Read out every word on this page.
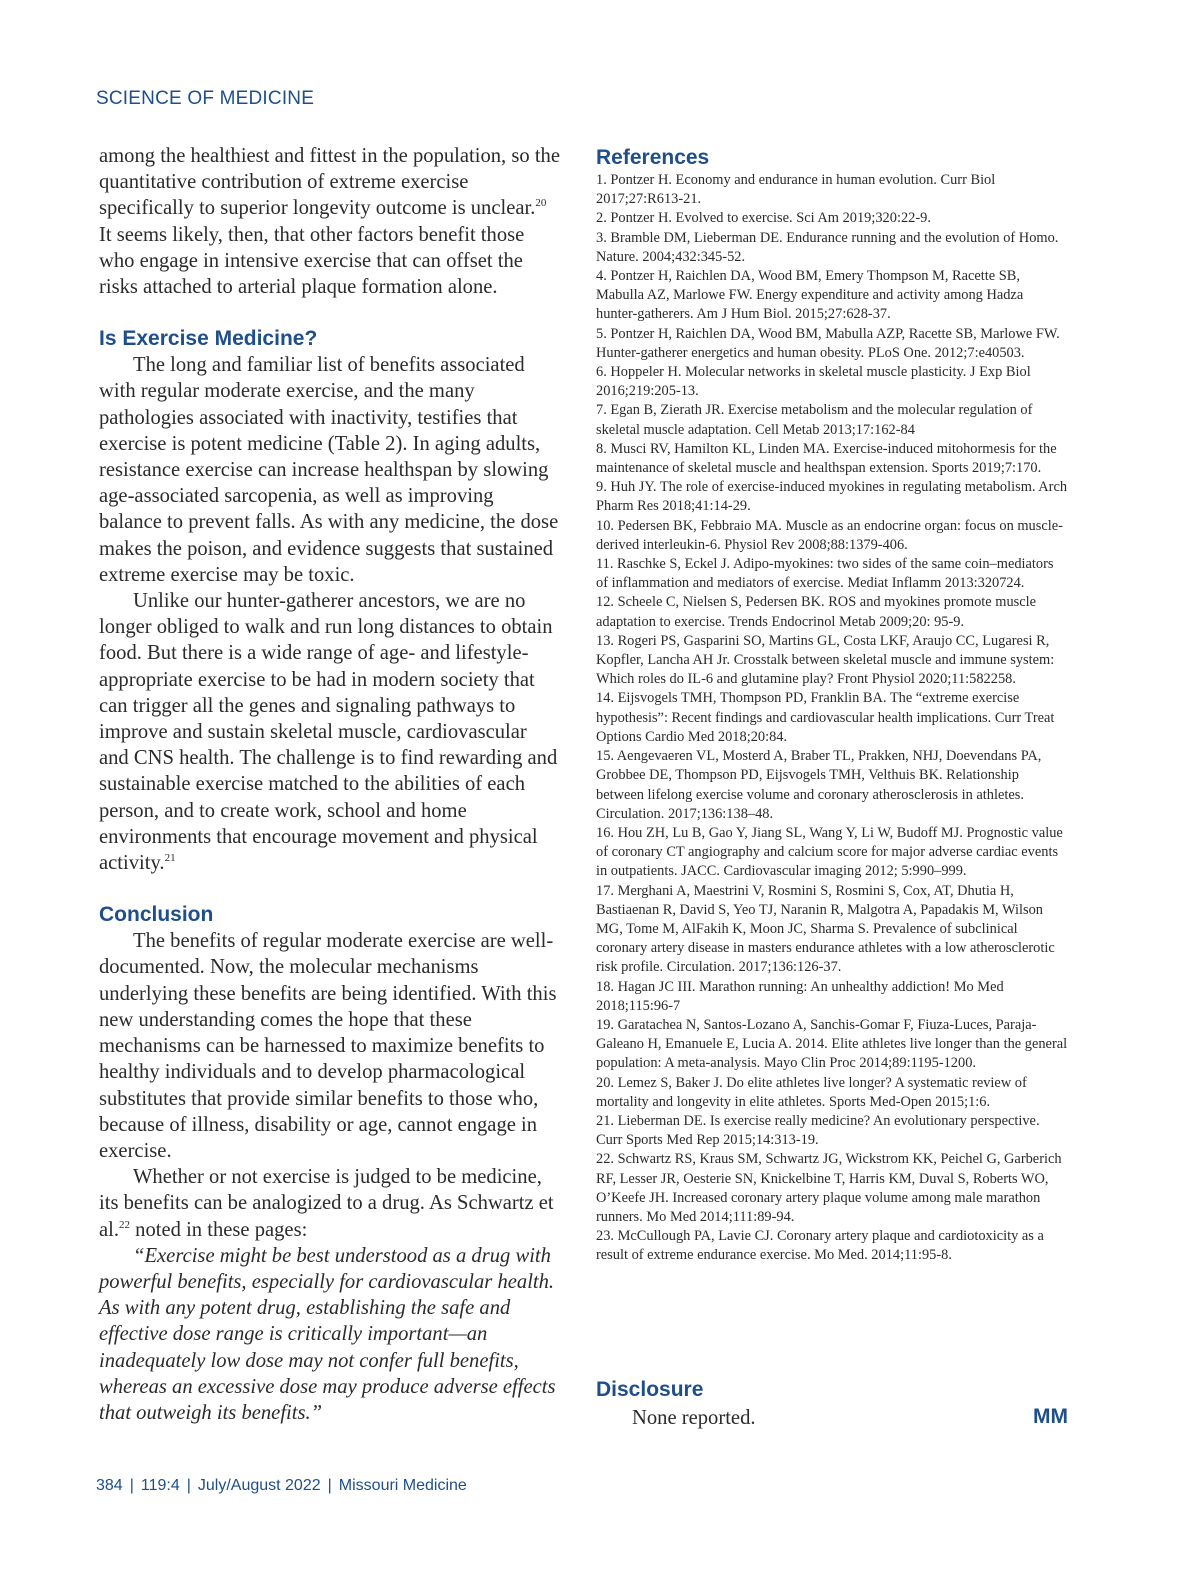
SCIENCE OF MEDICINE

among the healthiest and fittest in the population, so the quantitative contribution of extreme exercise specifically to superior longevity outcome is unclear.$^{20}$ It seems likely, then, that other factors benefit those who engage in intensive exercise that can offset the risks attached to arterial plaque formation alone.

Is Exercise Medicine?

The long and familiar list of benefits associated with regular moderate exercise, and the many pathologies associated with inactivity, testifies that exercise is potent medicine (Table 2). In aging adults, resistance exercise can increase healthspan by slowing age-associated sarcopenia, as well as improving balance to prevent falls. As with any medicine, the dose makes the poison, and evidence suggests that sustained extreme exercise may be toxic.

Unlike our hunter-gatherer ancestors, we are no longer obliged to walk and run long distances to obtain food. But there is a wide range of age- and lifestyle-appropriate exercise to be had in modern society that can trigger all the genes and signaling pathways to improve and sustain skeletal muscle, cardiovascular and CNS health. The challenge is to find rewarding and sustainable exercise matched to the abilities of each person, and to create work, school and home environments that encourage movement and physical activity.$^{21}$

Conclusion

The benefits of regular moderate exercise are well-documented. Now, the molecular mechanisms underlying these benefits are being identified. With this new understanding comes the hope that these mechanisms can be harnessed to maximize benefits to healthy individuals and to develop pharmacological substitutes that provide similar benefits to those who, because of illness, disability or age, cannot engage in exercise.

Whether or not exercise is judged to be medicine, its benefits can be analogized to a drug. As Schwartz et al.$^{22}$ noted in these pages:

“Exercise might be best understood as a drug with powerful benefits, especially for cardiovascular health. As with any potent drug, establishing the safe and effective dose range is critically important—an inadequately low dose may not confer full benefits, whereas an excessive dose may produce adverse effects that outweigh its benefits.”

References
1. Pontzer H. Economy and endurance in human evolution. Curr Biol 2017;27:R613-21.
2. Pontzer H. Evolved to exercise. Sci Am 2019;320:22-9.
3. Bramble DM, Lieberman DE. Endurance running and the evolution of Homo. Nature. 2004;432:345-52.
4. Pontzer H, Raichlen DA, Wood BM, Emery Thompson M, Racette SB, Mabulla AZ, Marlowe FW. Energy expenditure and activity among Hadza hunter-gatherers. Am J Hum Biol. 2015;27:628-37.
5. Pontzer H, Raichlen DA, Wood BM, Mabulla AZP, Racette SB, Marlowe FW. Hunter-gatherer energetics and human obesity. PLoS One. 2012;7:e40503.
6. Hoppeler H. Molecular networks in skeletal muscle plasticity. J Exp Biol 2016;219:205-13.
7. Egan B, Zierath JR. Exercise metabolism and the molecular regulation of skeletal muscle adaptation. Cell Metab 2013;17:162-84
8. Musci RV, Hamilton KL, Linden MA. Exercise-induced mitohormesis for the maintenance of skeletal muscle and healthspan extension. Sports 2019;7:170.
9. Huh JY. The role of exercise-induced myokines in regulating metabolism. Arch Pharm Res 2018;41:14-29.
10. Pedersen BK, Febbraio MA. Muscle as an endocrine organ: focus on muscle-derived interleukin-6. Physiol Rev 2008;88:1379-406.
11. Raschke S, Eckel J. Adipo-myokines: two sides of the same coin–mediators of inflammation and mediators of exercise. Mediat Inflamm 2013:320724.
12. Scheele C, Nielsen S, Pedersen BK. ROS and myokines promote muscle adaptation to exercise. Trends Endocrinol Metab 2009;20: 95-9.
13. Rogeri PS, Gasparini SO, Martins GL, Costa LKF, Araujo CC, Lugaresi R, Kopfler, Lancha AH Jr. Crosstalk between skeletal muscle and immune system: Which roles do IL-6 and glutamine play? Front Physiol 2020;11:582258.
14. Eijsvogels TMH, Thompson PD, Franklin BA. The “extreme exercise hypothesis”: Recent findings and cardiovascular health implications. Curr Treat Options Cardio Med 2018;20:84.
15. Aengevaeren VL, Mosterd A, Braber TL, Prakken, NHJ, Doevendans PA, Grobbee DE, Thompson PD, Eijsvogels TMH, Velthuis BK. Relationship between lifelong exercise volume and coronary atherosclerosis in athletes. Circulation. 2017;136:138–48.
16. Hou ZH, Lu B, Gao Y, Jiang SL, Wang Y, Li W, Budoff MJ. Prognostic value of coronary CT angiography and calcium score for major adverse cardiac events in outpatients. JACC. Cardiovascular imaging 2012; 5:990–999.
17. Merghani A, Maestrini V, Rosmini S, Rosmini S, Cox, AT, Dhutia H, Bastiaenan R, David S, Yeo TJ, Naranin R, Malgotra A, Papadakis M, Wilson MG, Tome M, AlFakih K, Moon JC, Sharma S. Prevalence of subclinical coronary artery disease in masters endurance athletes with a low atherosclerotic risk profile. Circulation. 2017;136:126-37.
18. Hagan JC III. Marathon running: An unhealthy addiction! Mo Med 2018;115:96-7
19. Garatachea N, Santos-Lozano A, Sanchis-Gomar F, Fiuza-Luces, Paraja-Galeano H, Emanuele E, Lucia A. 2014. Elite athletes live longer than the general population: A meta-analysis. Mayo Clin Proc 2014;89:1195-1200.
20. Lemez S, Baker J. Do elite athletes live longer? A systematic review of mortality and longevity in elite athletes. Sports Med-Open 2015;1:6.
21. Lieberman DE. Is exercise really medicine? An evolutionary perspective. Curr Sports Med Rep 2015;14:313-19.
22. Schwartz RS, Kraus SM, Schwartz JG, Wickstrom KK, Peichel G, Garberich RF, Lesser JR, Oesterie SN, Knickelbine T, Harris KM, Duval S, Roberts WO, O’Keefe JH. Increased coronary artery plaque volume among male marathon runners. Mo Med 2014;111:89-94.
23. McCullough PA, Lavie CJ. Coronary artery plaque and cardiotoxicity as a result of extreme endurance exercise. Mo Med. 2014;11:95-8.
Disclosure

None reported.	MM
384 | 119:4 | July/August 2022 | Missouri Medicine
